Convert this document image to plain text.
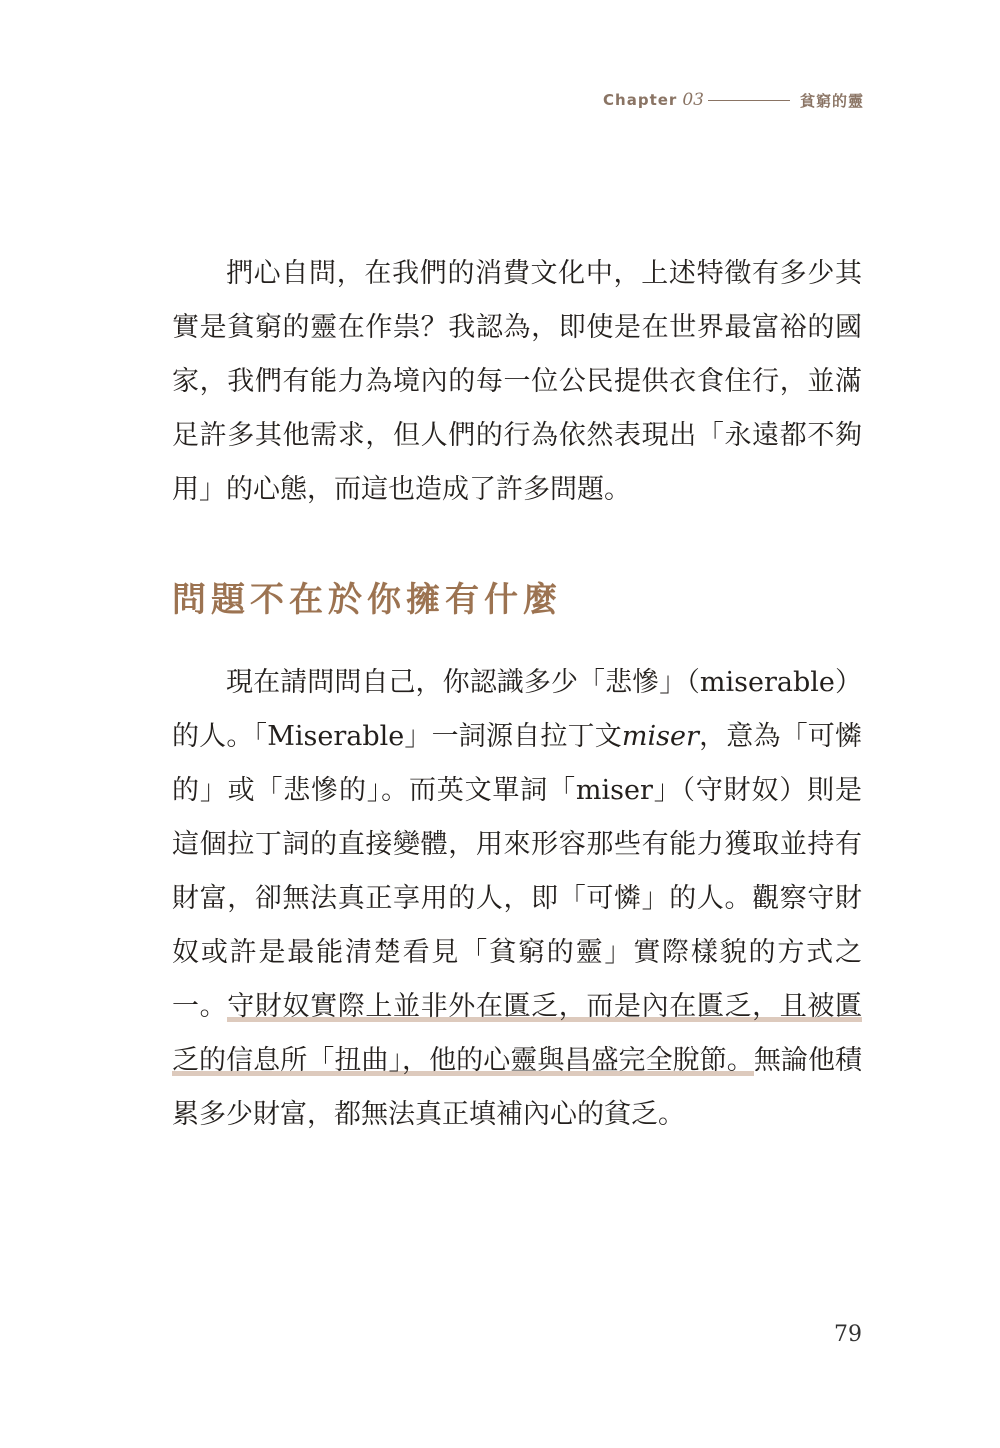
Chapter 03	貧窮的靈

捫心自問，在我們的消費文化中，上述特徵有多少其實是貧窮的靈在作祟？我認為，即使是在世界最富裕的國家，我們有能力為境內的每一位公民提供衣食住行，並滿足許多其他需求，但人們的行為依然表現出「永遠都不夠用」的心態，而這也造成了許多問題。

問題不在於你擁有什麼

現在請問問自己，你認識多少「悲慘」（miserable）的人。「Miserable」一詞源自拉丁文miser，意為「可憐的」或「悲慘的」。而英文單詞「miser」（守財奴）則是這個拉丁詞的直接變體，用來形容那些有能力獲取並持有財富，卻無法真正享用的人，即「可憐」的人。觀察守財奴或許是最能清楚看見「貧窮的靈」實際樣貌的方式之一。守財奴實際上並非外在匱乏，而是內在匱乏，且被匱乏的信息所「扭曲」，他的心靈與昌盛完全脫節。無論他積累多少財富，都無法真正填補內心的貧乏。

79
